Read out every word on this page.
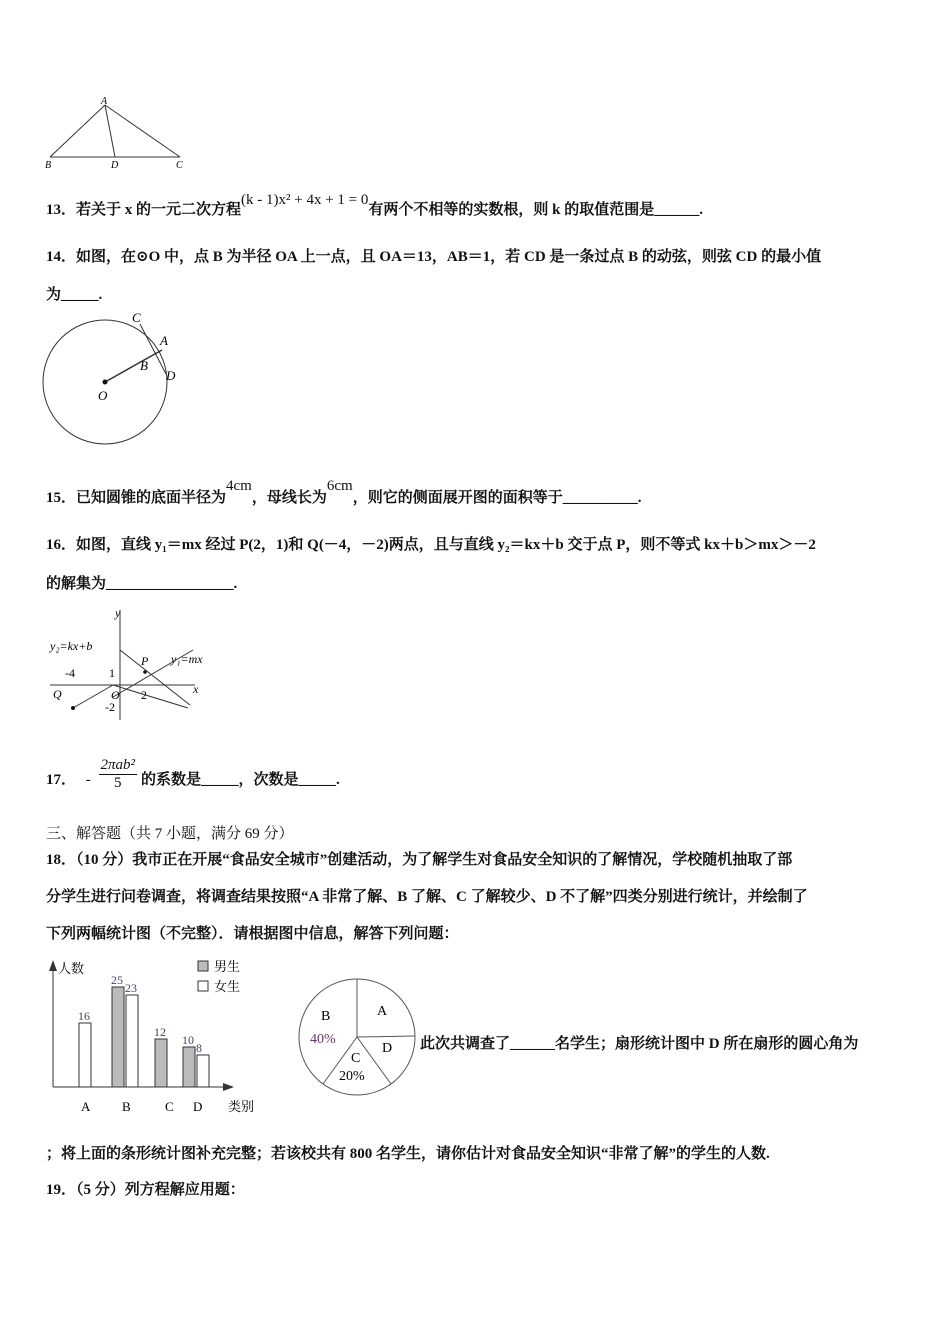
A
B	D	C
13．若关于 x 的一元二次方程(k - 1)x² + 4x + 1 = 0有两个不相等的实数根，则 k 的取值范围是______.
14．如图，在⊙O 中，点 B 为半径 OA 上一点，且 OA＝13，AB＝1，若 CD 是一条过点 B 的动弦，则弦 CD 的最小值
为_____.
C
A
B
D
O
15．已知圆锥的底面半径为4cm，母线长为6cm，则它的侧面展开图的面积等于__________.
16．如图，直线 y₁＝mx 经过 P(2，1)和 Q(－4，－2)两点，且与直线 y₂＝kx＋b 交于点 P，则不等式 kx＋b＞mx＞－2
的解集为_________________.
y
x
y₂=kx+b
y₁=mx
P
Q	O
-4	1
2
-2
17． -
2πab²
5	的系数是_____，次数是_____.
三、解答题（共 7 小题，满分 69 分）
18．（10 分）我市正在开展“食品安全城市”创建活动，为了解学生对食品安全知识的了解情况，学校随机抽取了部
分学生进行问卷调查，将调查结果按照“A 非常了解、B 了解、C 了解较少、D 不了解”四类分别进行统计，并绘制了
下列两幅统计图（不完整）．请根据图中信息，解答下列问题：
人数
类别
男生
女生
A
16
B
25
23
C
12
D
10
8
A
B
40%
C
20%
D 此次共调查了______名学生；扇形统计图中 D 所在扇形的圆心角为
；将上面的条形统计图补充完整；若该校共有 800 名学生，请你估计对食品安全知识“非常了解”的学生的人数.
19．（5 分）列方程解应用题：
